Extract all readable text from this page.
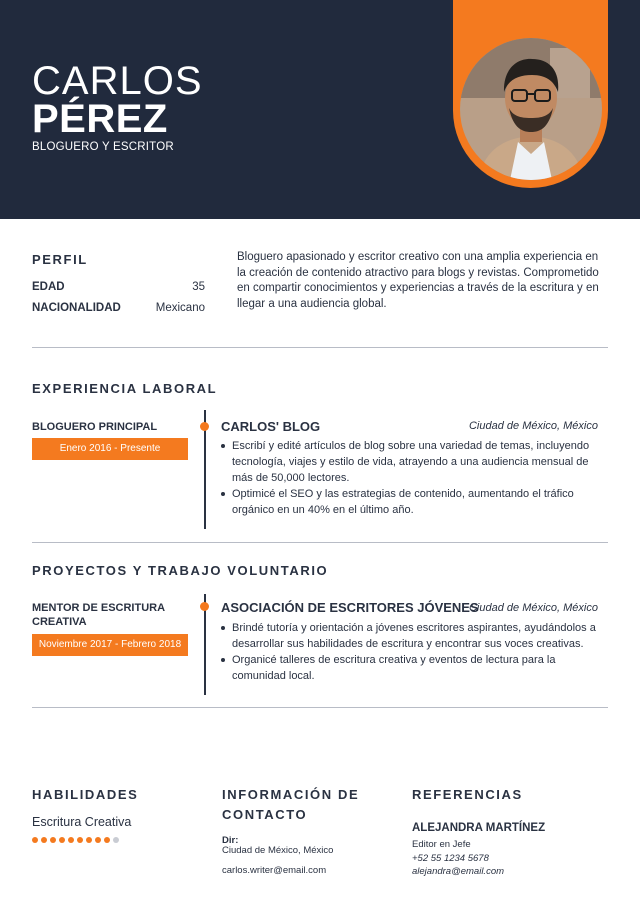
CARLOS
PÉREZ
BLOGUERO Y ESCRITOR
PERFIL
EDAD	35
NACIONALIDAD	Mexicano
Bloguero apasionado y escritor creativo con una amplia experiencia en la creación de contenido atractivo para blogs y revistas. Comprometido en compartir conocimientos y experiencias a través de la escritura y en llegar a una audiencia global.
EXPERIENCIA LABORAL
BLOGUERO PRINCIPAL
Enero 2016 - Presente
CARLOS' BLOG	Ciudad de México, México
Escribí y edité artículos de blog sobre una variedad de temas, incluyendo tecnología, viajes y estilo de vida, atrayendo a una audiencia mensual de más de 50,000 lectores.
Optimicé el SEO y las estrategias de contenido, aumentando el tráfico orgánico en un 40% en el último año.
PROYECTOS Y TRABAJO VOLUNTARIO
MENTOR DE ESCRITURA CREATIVA
Noviembre 2017 - Febrero 2018
ASOCIACIÓN DE ESCRITORES JÓVENES
Ciudad de México, México
Brindé tutoría y orientación a jóvenes escritores aspirantes, ayudándolos a desarrollar sus habilidades de escritura y encontrar sus voces creativas.
Organicé talleres de escritura creativa y eventos de lectura para la comunidad local.
HABILIDADES
Escritura Creativa
INFORMACIÓN DE CONTACTO
Dir:
Ciudad de México, México
carlos.writer@email.com
REFERENCIAS
ALEJANDRA MARTÍNEZ
Editor en Jefe
+52 55 1234 5678
alejandra@email.com
